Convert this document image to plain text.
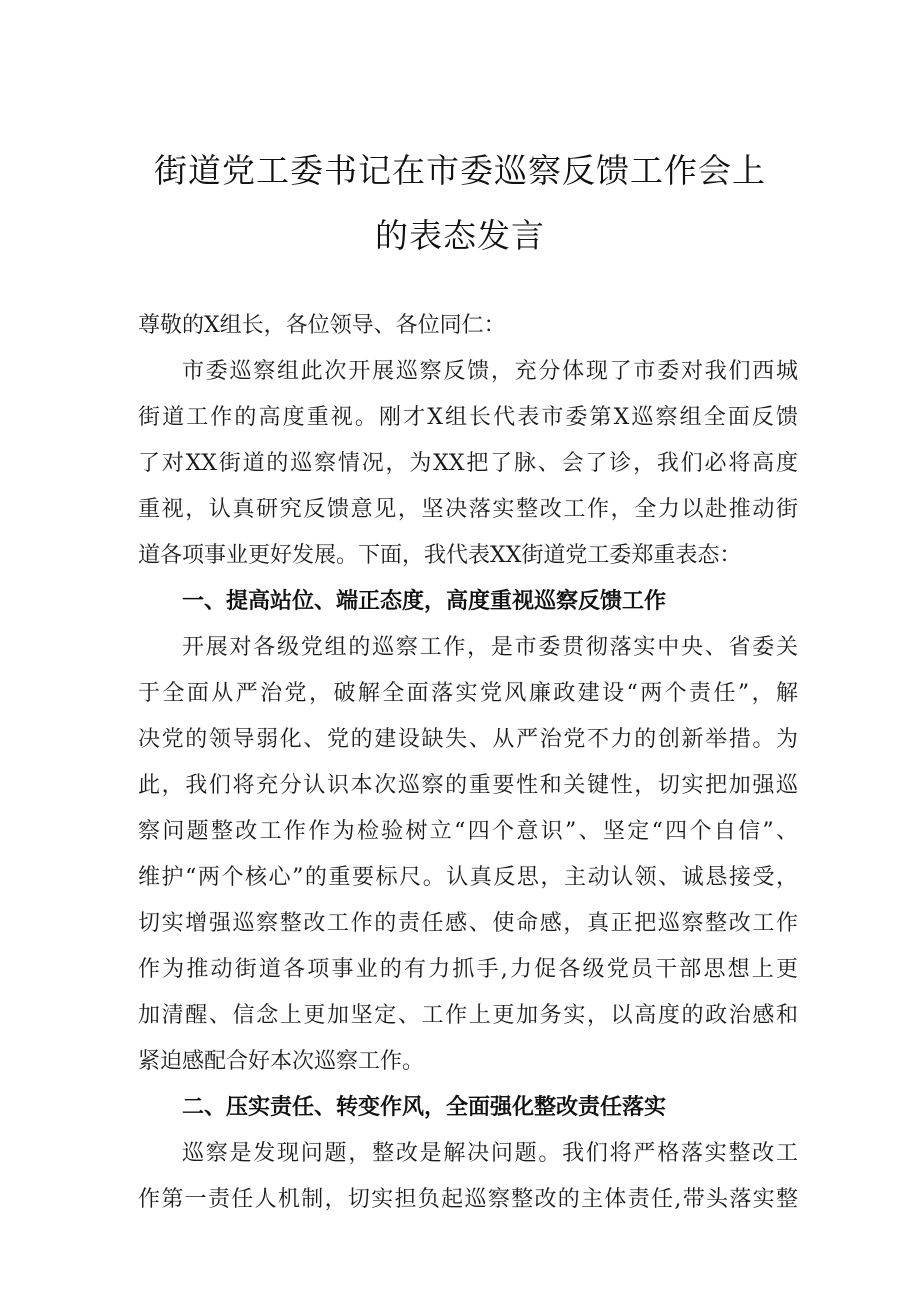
街道党工委书记在市委巡察反馈工作会上
的表态发言
尊敬的X组长，各位领导、各位同仁：
市委巡察组此次开展巡察反馈，充分体现了市委对我们西城
街道工作的高度重视。刚才X组长代表市委第X巡察组全面反馈
了对XX街道的巡察情况，为XX把了脉、会了诊，我们必将高度
重视，认真研究反馈意见，坚决落实整改工作，全力以赴推动街
道各项事业更好发展。下面，我代表XX街道党工委郑重表态：
一、提高站位、端正态度，高度重视巡察反馈工作
开展对各级党组的巡察工作，是市委贯彻落实中央、省委关
于全面从严治党，破解全面落实党风廉政建设“两个责任”，解
决党的领导弱化、党的建设缺失、从严治党不力的创新举措。为
此，我们将充分认识本次巡察的重要性和关键性，切实把加强巡
察问题整改工作作为检验树立“四个意识”、坚定“四个自信”、
维护“两个核心”的重要标尺。认真反思，主动认领、诚恳接受，
切实增强巡察整改工作的责任感、使命感，真正把巡察整改工作
作为推动街道各项事业的有力抓手,力促各级党员干部思想上更
加清醒、信念上更加坚定、工作上更加务实，以高度的政治感和
紧迫感配合好本次巡察工作。
二、压实责任、转变作风，全面强化整改责任落实
巡察是发现问题，整改是解决问题。我们将严格落实整改工
作第一责任人机制，切实担负起巡察整改的主体责任,带头落实整
